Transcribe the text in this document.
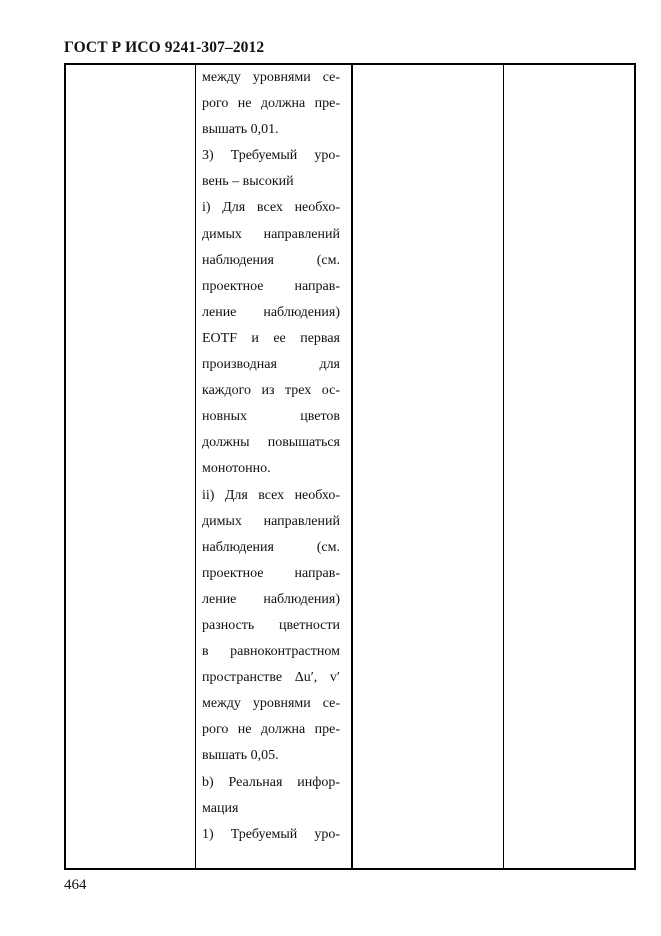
ГОСТ Р ИСО 9241-307–2012
между уровнями се-
рого не должна пре-
вышать 0,01.
3) Требуемый уро-
вень – высокий
i) Для всех необхо-
димых направлений
наблюдения (см.
проектное направ-
ление наблюдения)
EOTF и ее первая
производная для
каждого из трех ос-
новных цветов
должны повышаться
монотонно.
ii) Для всех необхо-
димых направлений
наблюдения (см.
проектное направ-
ление наблюдения)
разность цветности
в равноконтрастном
пространстве Δu′, v′
между уровнями се-
рого не должна пре-
вышать 0,05.
b) Реальная инфор-
мация
1) Требуемый уро-
464
